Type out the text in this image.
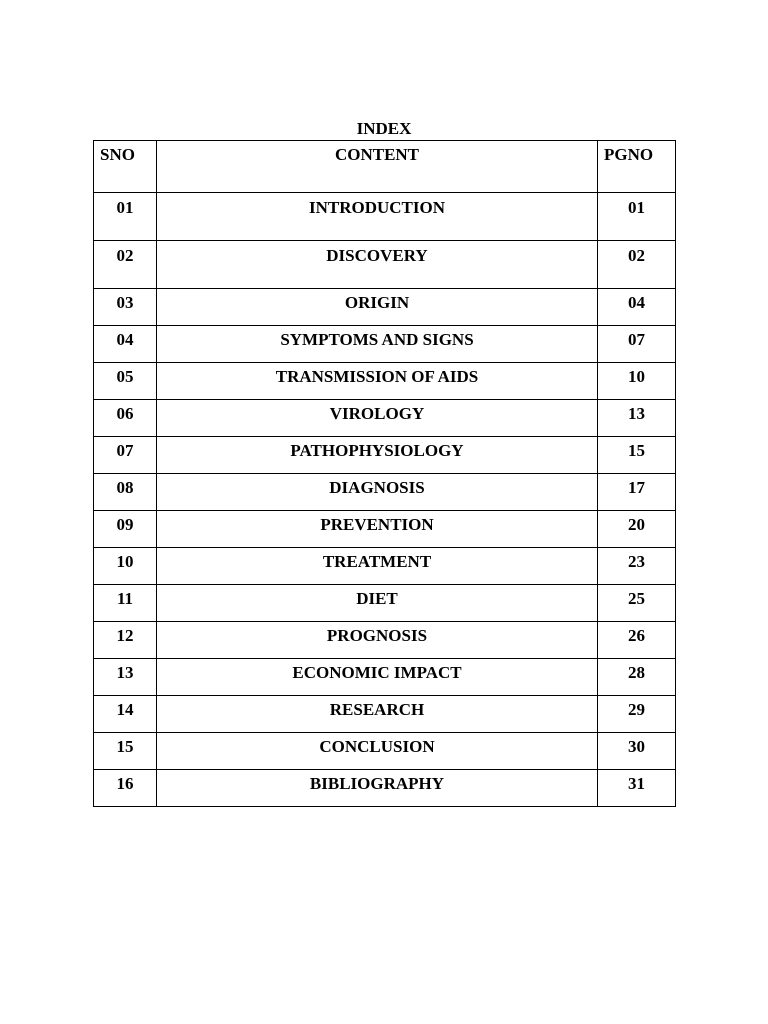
INDEX
SNO	CONTENT	PGNO
01	INTRODUCTION	01
02	DISCOVERY	02
03	ORIGIN	04
04	SYMPTOMS AND SIGNS	07
05	TRANSMISSION OF AIDS	10
06	VIROLOGY	13
07	PATHOPHYSIOLOGY	15
08	DIAGNOSIS	17
09	PREVENTION	20
10	TREATMENT	23
11	DIET	25
12	PROGNOSIS	26
13	ECONOMIC IMPACT	28
14	RESEARCH	29
15	CONCLUSION	30
16	BIBLIOGRAPHY	31
